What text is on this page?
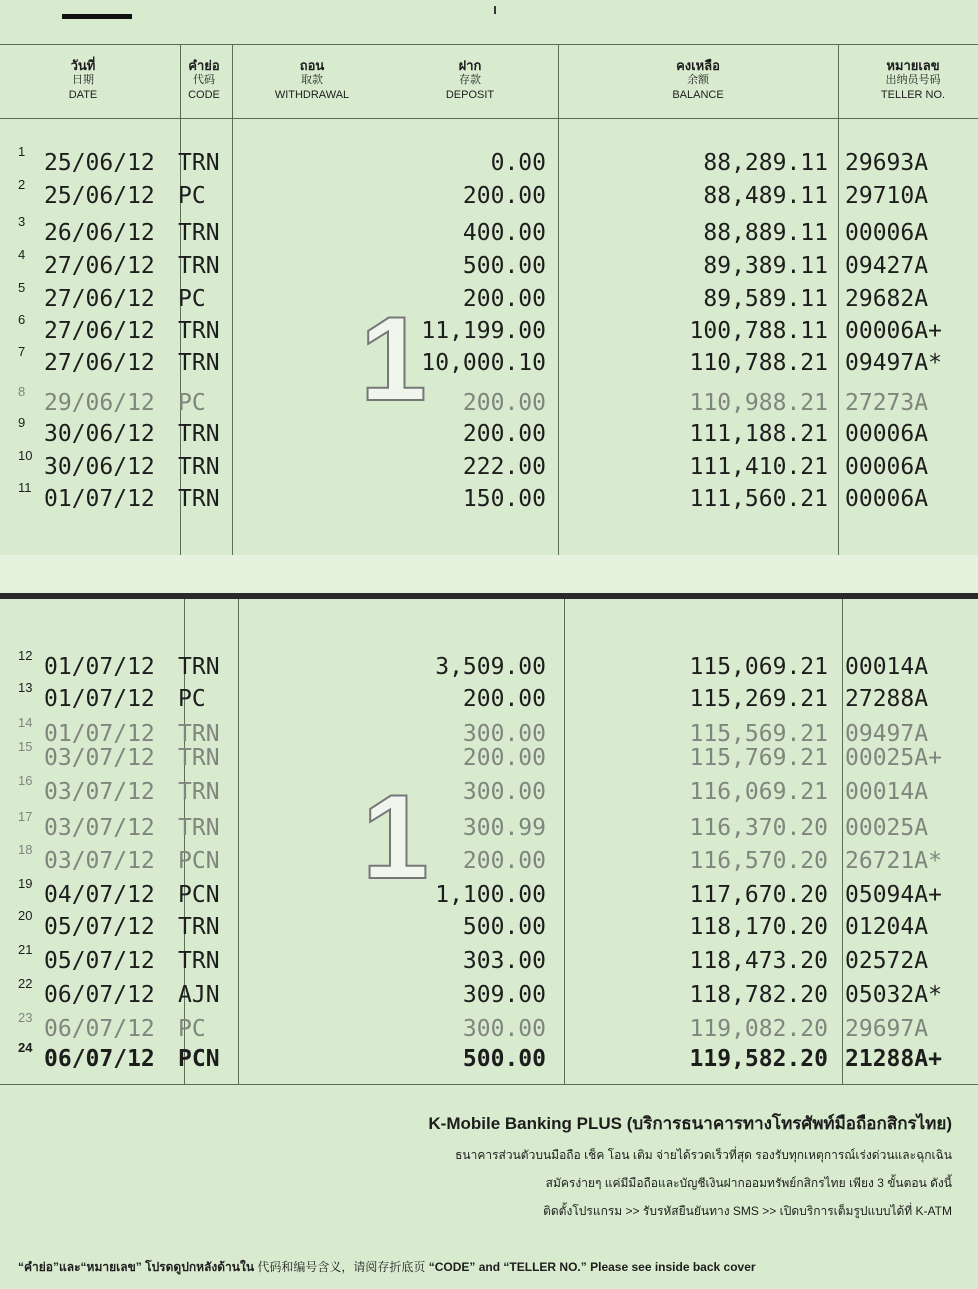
วันที่
日期
DATE
คำย่อ
代码
CODE
ถอน
取款
WITHDRAWAL
ฝาก
存款
DEPOSIT
คงเหลือ
余额
BALANCE
หมายเลข
出纳员号码
TELLER NO.
1
1
1 25/06/12 TRN	0.00	88,289.11 29693A
2 25/06/12 PC	200.00	88,489.11 29710A
3 26/06/12 TRN	400.00	88,889.11 00006A
4 27/06/12 TRN	500.00	89,389.11 09427A
5 27/06/12 PC	200.00	89,589.11 29682A
6 27/06/12 TRN	11,199.00	100,788.11 00006A+
7 27/06/12 TRN	10,000.10	110,788.21 09497A*
8 29/06/12 PC	200.00	110,988.21 27273A
9 30/06/12 TRN	200.00	111,188.21 00006A
10 30/06/12 TRN	222.00	111,410.21 00006A
11 01/07/12 TRN	150.00	111,560.21 00006A
12 01/07/12 TRN	3,509.00	115,069.21 00014A
13 01/07/12 PC	200.00	115,269.21 27288A
14 01/07/12 TRN	300.00	115,569.21 09497A
15 03/07/12 TRN	200.00	115,769.21 00025A+
16 03/07/12 TRN	300.00	116,069.21 00014A
17 03/07/12 TRN	300.99	116,370.20 00025A
18 03/07/12 PCN	200.00	116,570.20 26721A*
19 04/07/12 PCN	1,100.00	117,670.20 05094A+
20 05/07/12 TRN	500.00	118,170.20 01204A
21 05/07/12 TRN	303.00	118,473.20 02572A
22 06/07/12 AJN	309.00	118,782.20 05032A*
23 06/07/12 PC	300.00	119,082.20 29697A
24 06/07/12 PCN	500.00	119,582.20 21288A+
K-Mobile Banking PLUS (บริการธนาคารทางโทรศัพท์มือถือกสิกรไทย)
ธนาคารส่วนตัวบนมือถือ เช็ค โอน เติม จ่ายได้รวดเร็วที่สุด รองรับทุกเหตุการณ์เร่งด่วนและฉุกเฉิน
สมัครง่ายๆ แค่มีมือถือและบัญชีเงินฝากออมทรัพย์กสิกรไทย เพียง 3 ขั้นตอน ดังนี้
ติดตั้งโปรแกรม >> รับรหัสยืนยันทาง SMS >> เปิดบริการเต็มรูปแบบได้ที่ K-ATM
“คำย่อ”และ“หมายเลข” โปรดดูปกหลังด้านใน 代码和编号含义，请阅存折底页 “CODE” and “TELLER NO.” Please see inside back cover
